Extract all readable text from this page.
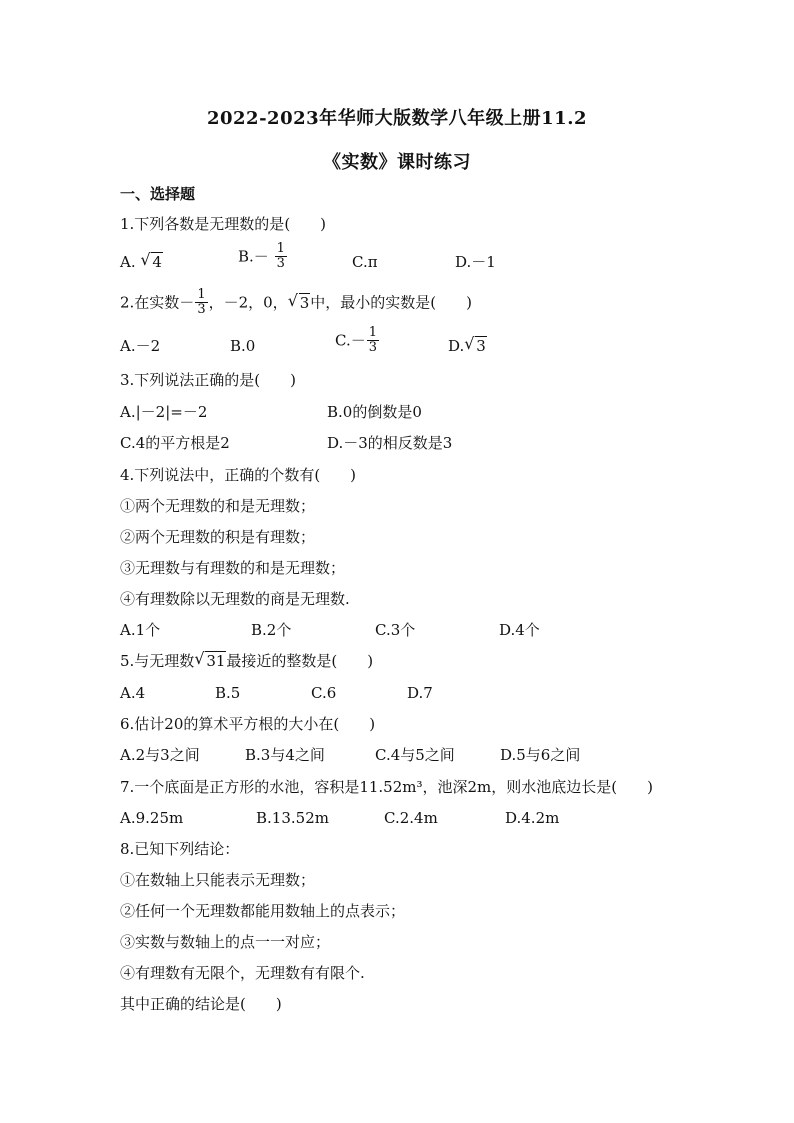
2022-2023年华师大版数学八年级上册11.2
《实数》课时练习
一、选择题
1.下列各数是无理数的是(　　)
A. √ 4	$B.- \frac{1}{3}$	C.π	D.－1
2.在实数－ $\frac{1}{3}$ ，－2，0， √ 3中，最小的实数是(　　)
A.－2	B.0	$C.- \frac{1}{3}$	D. √ 3
3.下列说法正确的是(　　)
A.|－2|=－2	B.0的倒数是0
C.4的平方根是2	D.－3的相反数是3
4.下列说法中，正确的个数有(　　)
①两个无理数的和是无理数；
②两个无理数的积是有理数；
③无理数与有理数的和是无理数；
④有理数除以无理数的商是无理数.
A.1个	B.2个	C.3个	D.4个
5.与无理数 √ 31最接近的整数是(　　)
A.4	B.5	C.6	D.7
6.估计20的算术平方根的大小在(　　)
A.2与3之间	B.3与4之间	C.4与5之间	D.5与6之间
7.一个底面是正方形的水池，容积是11.52m³，池深2m，则水池底边长是(　　)
A.9.25m	B.13.52m	C.2.4m	D.4.2m
8.已知下列结论：
①在数轴上只能表示无理数；
②任何一个无理数都能用数轴上的点表示；
③实数与数轴上的点一一对应；
④有理数有无限个，无理数有有限个.
其中正确的结论是(　　)
